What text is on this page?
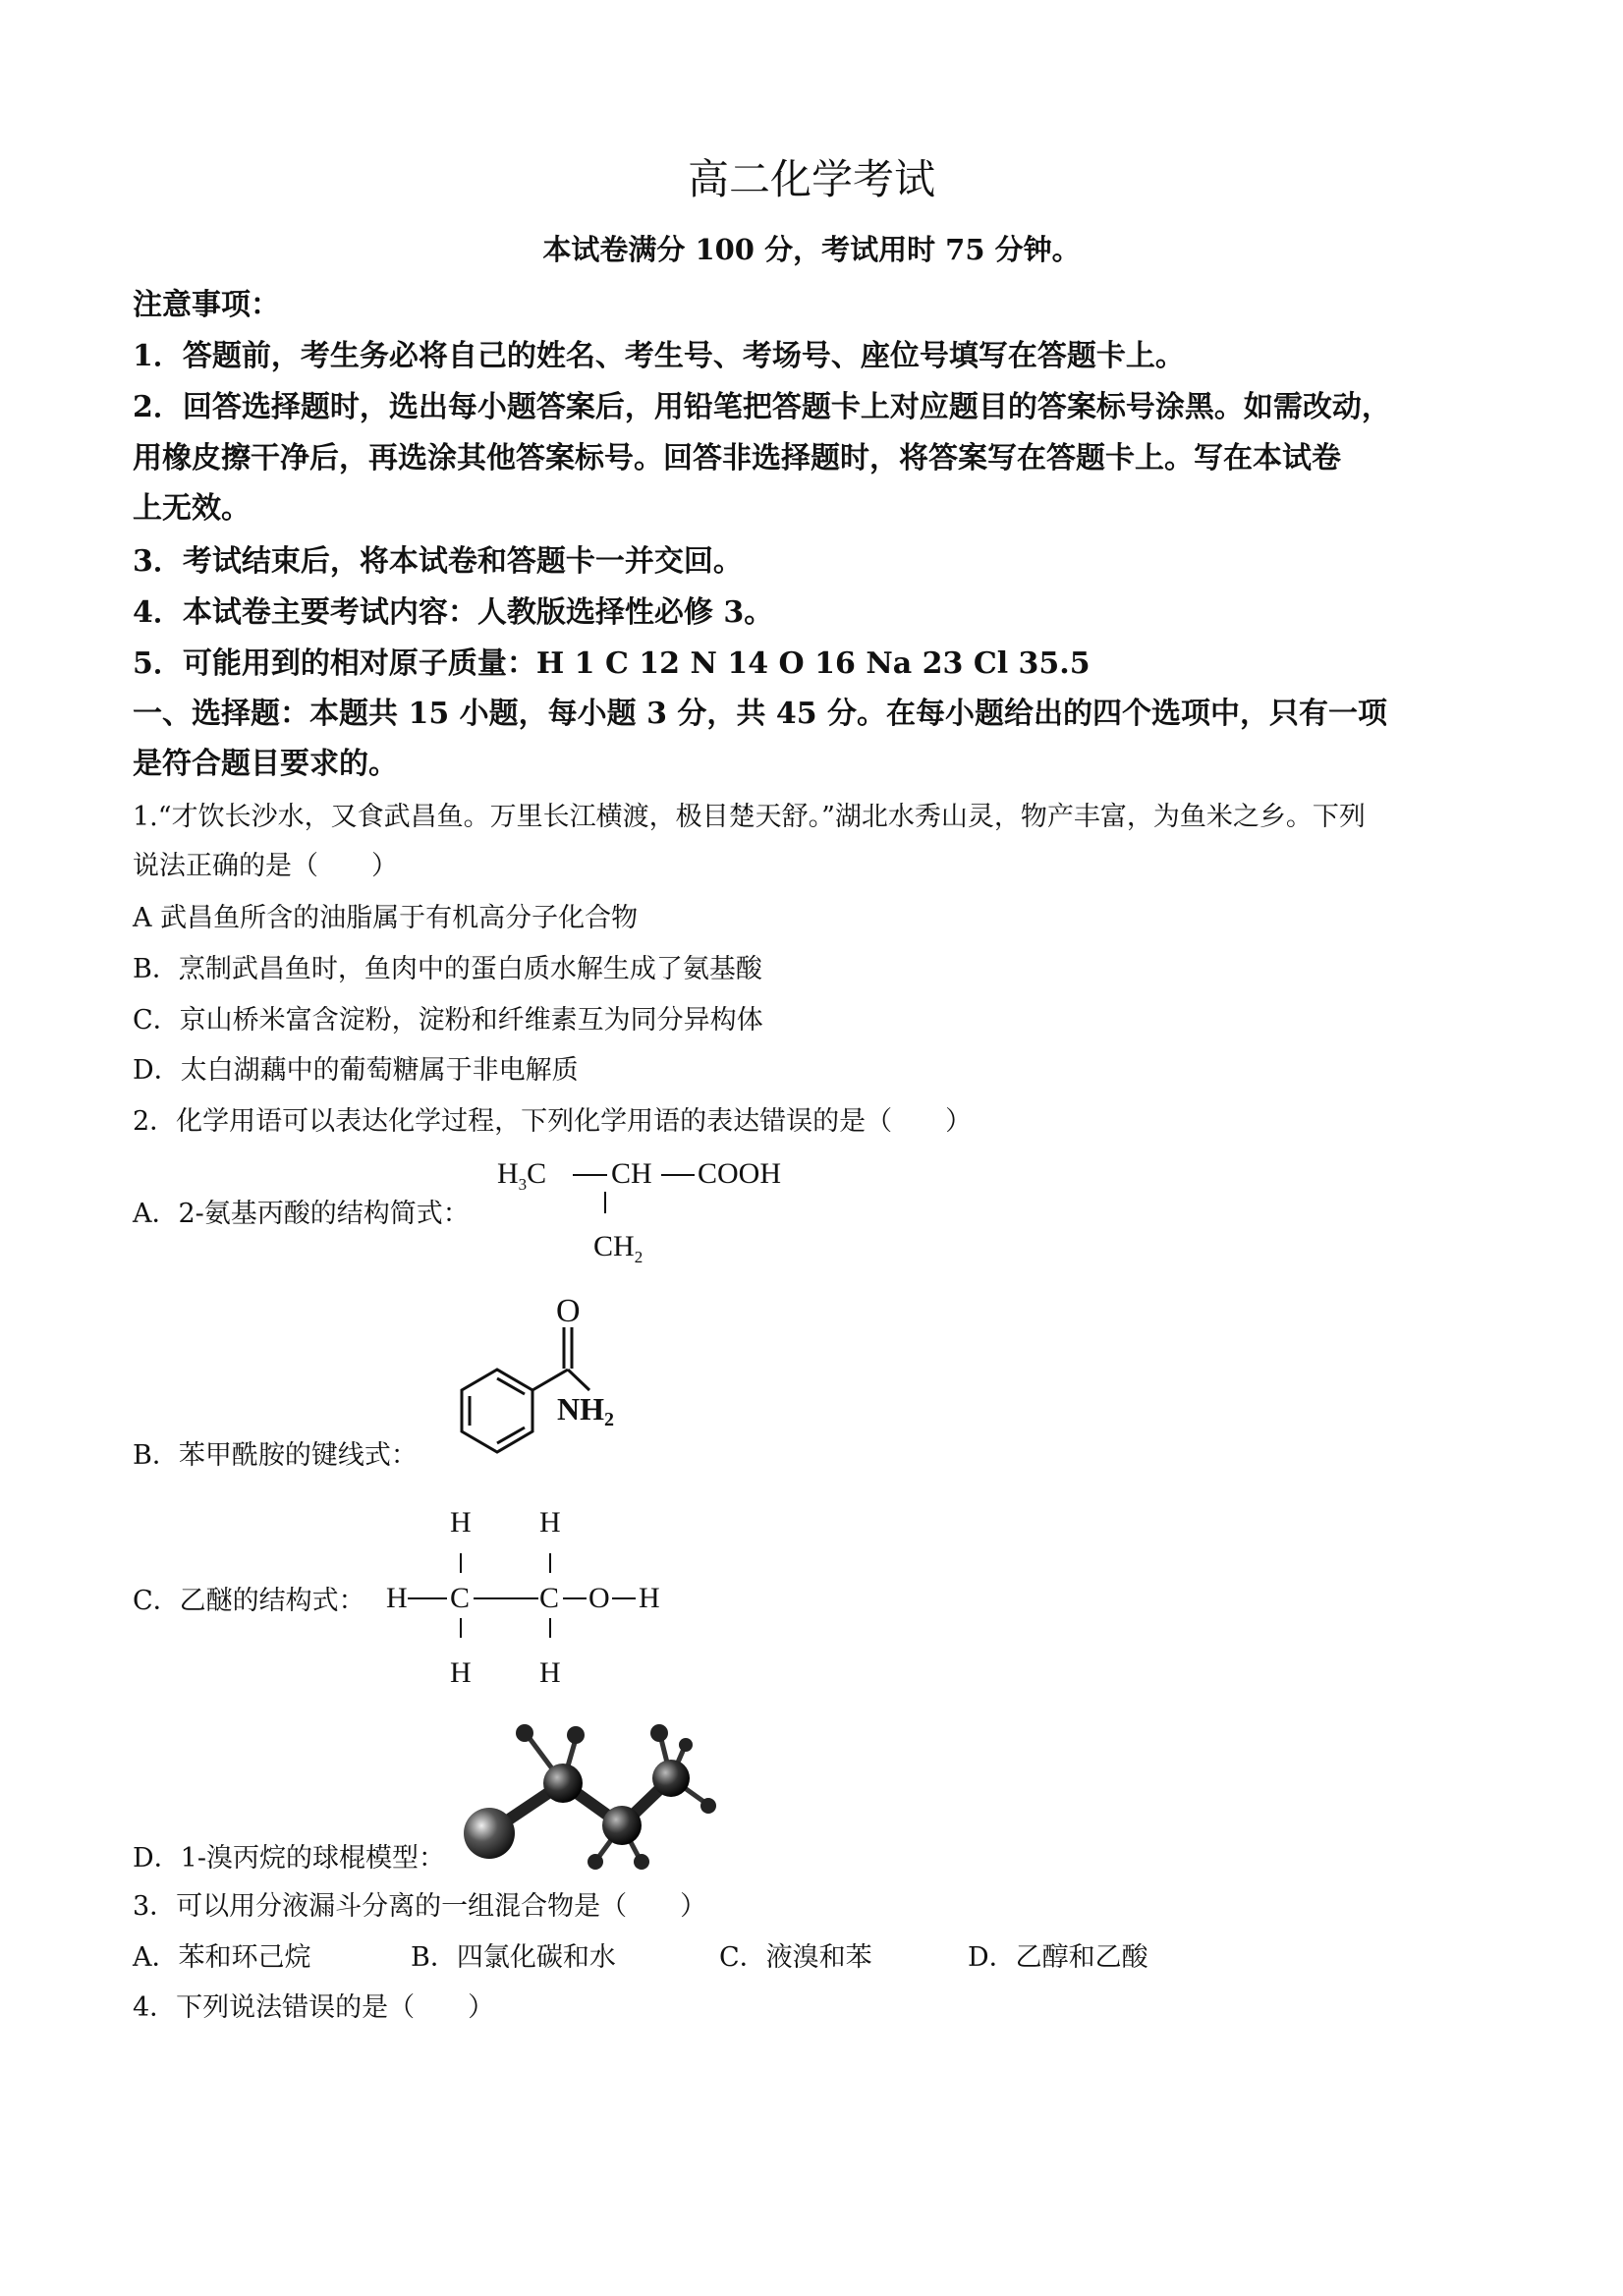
高二化学考试
本试卷满分 100 分，考试用时 75 分钟。
注意事项：
1．答题前，考生务必将自己的姓名、考生号、考场号、座位号填写在答题卡上。
2．回答选择题时，选出每小题答案后，用铅笔把答题卡上对应题目的答案标号涂黑。如需改动，
用橡皮擦干净后，再选涂其他答案标号。回答非选择题时，将答案写在答题卡上。写在本试卷
上无效。
3．考试结束后，将本试卷和答题卡一并交回。
4．本试卷主要考试内容：人教版选择性必修 3。
5．可能用到的相对原子质量：H 1 C 12 N 14 O 16 Na 23 Cl 35.5
一、选择题：本题共 15 小题，每小题 3 分，共 45 分。在每小题给出的四个选项中，只有一项
是符合题目要求的。
1.“才饮长沙水，又食武昌鱼。万里长江横渡，极目楚天舒。”湖北水秀山灵，物产丰富，为鱼米之乡。下列
说法正确的是（　　）
A 武昌鱼所含的油脂属于有机高分子化合物
B．烹制武昌鱼时，鱼肉中的蛋白质水解生成了氨基酸
C．京山桥米富含淀粉，淀粉和纤维素互为同分异构体
D．太白湖藕中的葡萄糖属于非电解质
2．化学用语可以表达化学过程，下列化学用语的表达错误的是（　　）
A．2-氨基丙酸的结构简式：
$H_3C$ CH COOH
$CH_2$
B．苯甲酰胺的键线式：
O
NH 2
C．乙醚的结构式：
H H
H C C O H
H H
D．1-溴丙烷的球棍模型：
3．可以用分液漏斗分离的一组混合物是（　　）
A．苯和环己烷	B．四氯化碳和水	C．液溴和苯	D．乙醇和乙酸
4．下列说法错误的是（　　）
